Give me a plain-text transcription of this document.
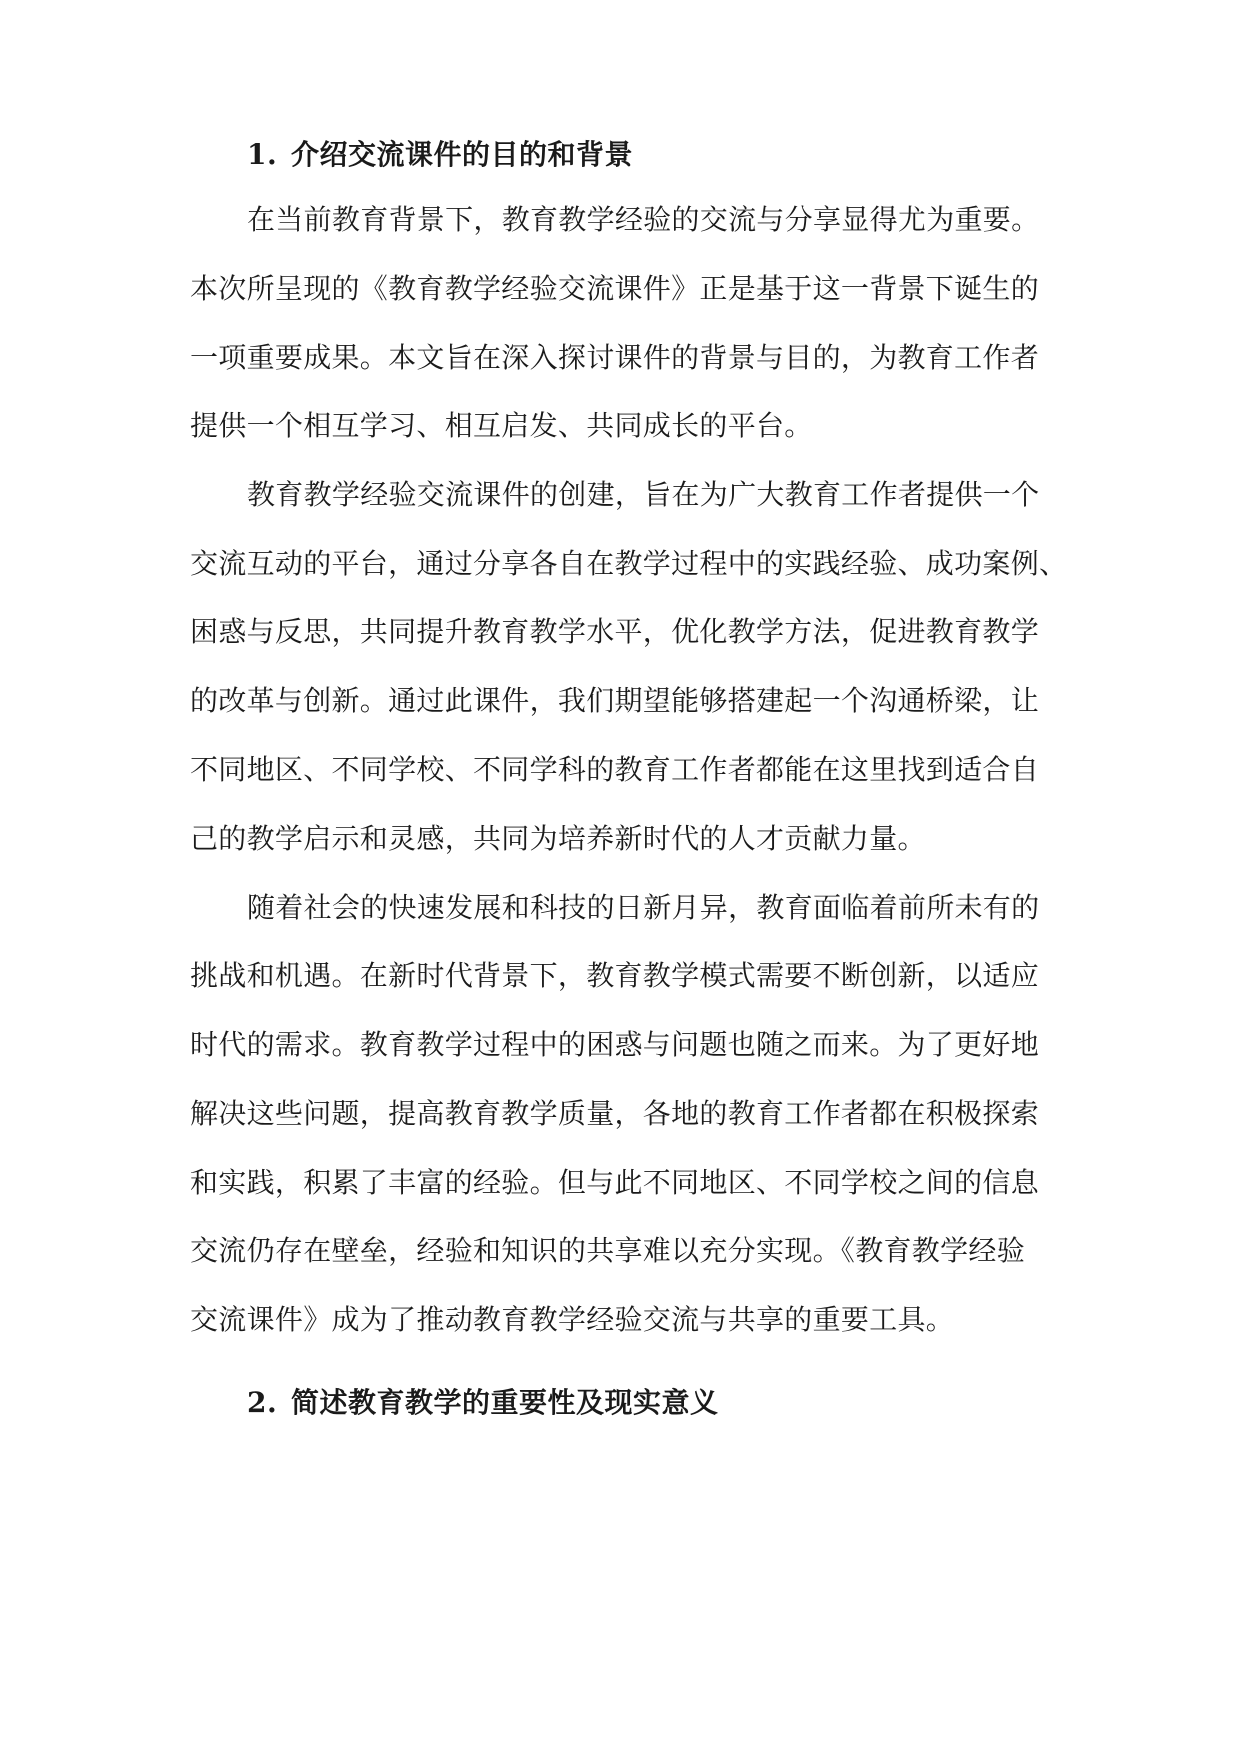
1. 介绍交流课件的目的和背景
在当前教育背景下，教育教学经验的交流与分享显得尤为重要。
本次所呈现的《教育教学经验交流课件》正是基于这一背景下诞生的
一项重要成果。本文旨在深入探讨课件的背景与目的，为教育工作者
提供一个相互学习、相互启发、共同成长的平台。
教育教学经验交流课件的创建，旨在为广大教育工作者提供一个
交流互动的平台，通过分享各自在教学过程中的实践经验、成功案例、
困惑与反思，共同提升教育教学水平，优化教学方法，促进教育教学
的改革与创新。通过此课件，我们期望能够搭建起一个沟通桥梁，让
不同地区、不同学校、不同学科的教育工作者都能在这里找到适合自
己的教学启示和灵感，共同为培养新时代的人才贡献力量。
随着社会的快速发展和科技的日新月异，教育面临着前所未有的
挑战和机遇。在新时代背景下，教育教学模式需要不断创新，以适应
时代的需求。教育教学过程中的困惑与问题也随之而来。为了更好地
解决这些问题，提高教育教学质量，各地的教育工作者都在积极探索
和实践，积累了丰富的经验。但与此不同地区、不同学校之间的信息
交流仍存在壁垒，经验和知识的共享难以充分实现。《教育教学经验
交流课件》成为了推动教育教学经验交流与共享的重要工具。
2. 简述教育教学的重要性及现实意义
